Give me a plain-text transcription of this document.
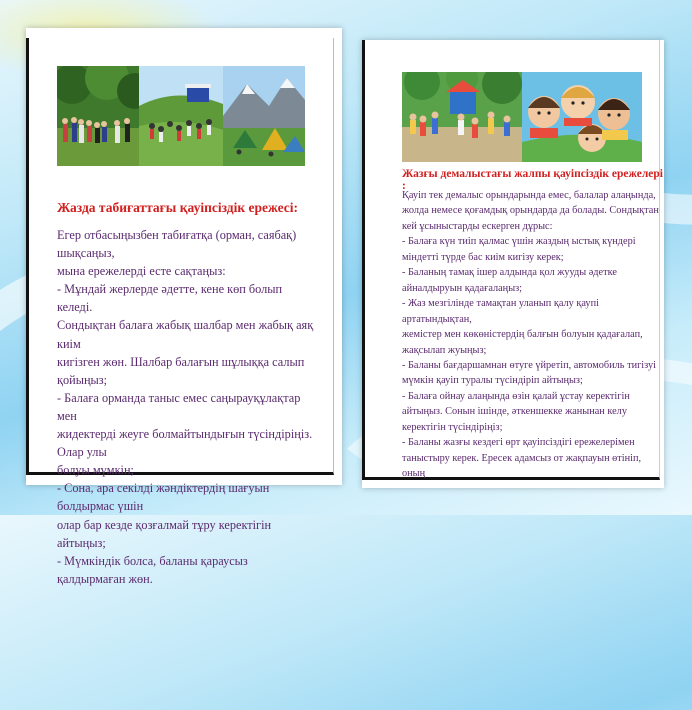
Жазда табиғаттағы қауіпсіздік ережесі:

Егер отбасыңызбен табиғатқа (орман, саябақ) шықсаңыз,

мына ережелерді есте сақтаңыз:

- Мұндай жерлерде әдетте, кене көп болып келеді.

Сондықтан балаға жабық шалбар мен жабық аяқ киім

кигізген жөн. Шалбар балағын шұлыққа салып қойыңыз;

- Балаға орманда таныс емес саңырауқұлақтар мен

жидектерді жеуге болмайтындығын түсіндіріңіз. Олар улы

болуы мүмкін;

- Сона, ара секілді жәндіктердің шағуын болдырмас үшін

олар бар кезде қозғалмай тұру керектігін айтыңыз;

- Мүмкіндік болса, баланы қараусыз қалдырмаған жөн.

Жазғы демалыстағы жалпы қауіпсіздік ережелері :

Қауіп тек демалыс орындарында емес, балалар алаңында,

жолда немесе қоғамдық орындарда да болады. Сондықтан

кей ұсыныстарды ескерген дұрыс:

- Балаға күн тиіп қалмас үшін жаздың ыстық күндері

міндетті түрде бас киім кигізу керек;

- Баланың тамақ ішер алдында қол жууды әдетке

айналдыруын қадағалаңыз;

- Жаз мезгілінде тамақтан уланып қалу қаупі артатындықтан,

жемістер мен көкөністердің балғын болуын қадағалап,

жақсылап жуыңыз;

- Баланы бағдаршамнан өтуге үйретіп, автомобиль тигізуі

мүмкін қауіп туралы түсіндіріп айтыңыз;

- Балаға ойнау алаңында өзін қалай ұстау керектігін

айтыңыз. Сонын ішінде, әткеншекке жанынан келу

керектігін түсіндіріңіз;

- Баланы жазғы кездегі өрт қауіпсіздігі ережелерімен

таныстыру керек. Ересек адамсыз от жақпауын өтініп, оның
